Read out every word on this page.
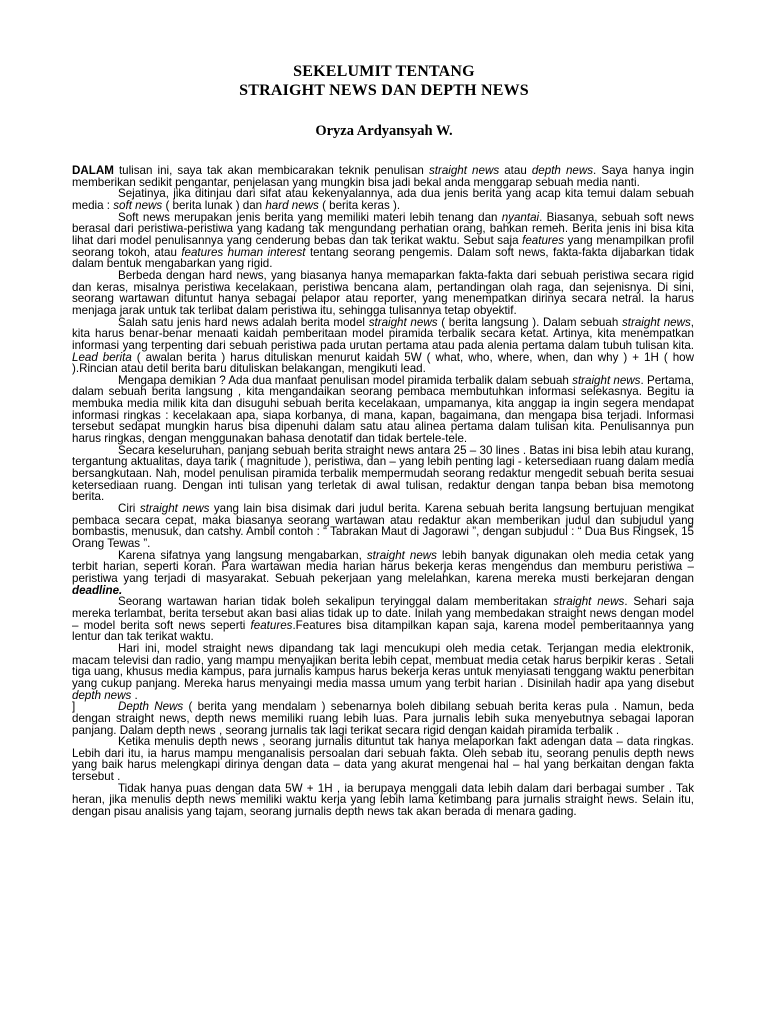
SEKELUMIT TENTANG
STRAIGHT NEWS DAN DEPTH NEWS
Oryza Ardyansyah W.

DALAM tulisan ini, saya tak akan membicarakan teknik penulisan straight news atau depth news. Saya hanya ingin memberikan sedikit pengantar, penjelasan yang mungkin bisa jadi bekal anda menggarap sebuah media nanti.

Sejatinya, jika ditinjau dari sifat atau kekenyalannya, ada dua jenis berita yang acap kita temui dalam sebuah media : soft news ( berita lunak ) dan hard news ( berita keras ).

Soft news merupakan jenis berita yang memiliki materi lebih tenang dan nyantai. Biasanya, sebuah soft news berasal dari peristiwa-peristiwa yang kadang tak mengundang perhatian orang, bahkan remeh. Berita jenis ini bisa kita lihat dari model penulisannya yang cenderung bebas dan tak terikat waktu. Sebut saja features yang menampilkan profil seorang tokoh, atau features human interest tentang seorang pengemis. Dalam soft news, fakta-fakta dijabarkan tidak dalam bentuk mengabarkan yang rigid.

Berbeda dengan hard news, yang biasanya hanya memaparkan fakta-fakta dari sebuah peristiwa secara rigid dan keras, misalnya peristiwa kecelakaan, peristiwa bencana alam, pertandingan olah raga, dan sejenisnya. Di sini, seorang wartawan dituntut hanya sebagai pelapor atau reporter, yang menempatkan dirinya secara netral. Ia harus menjaga jarak untuk tak terlibat dalam peristiwa itu, sehingga tulisannya tetap obyektif.

Salah satu jenis hard news adalah berita model straight news ( berita langsung ). Dalam sebuah straight news, kita harus benar-benar menaati kaidah pemberitaan model piramida terbalik secara ketat. Artinya, kita menempatkan informasi yang terpenting dari sebuah peristiwa pada urutan pertama atau pada alenia pertama dalam tubuh tulisan kita. Lead berita ( awalan berita ) harus dituliskan menurut kaidah 5W ( what, who, where, when, dan why ) + 1H ( how ).Rincian atau detil berita baru dituliskan belakangan, mengikuti lead.

Mengapa demikian ? Ada dua manfaat penulisan model piramida terbalik dalam sebuah straight news. Pertama, dalam sebuah berita langsung , kita mengandaikan seorang pembaca membutuhkan informasi selekasnya. Begitu ia membuka media milik kita dan disuguhi sebuah berita kecelakaan, umpamanya, kita anggap ia ingin segera mendapat informasi ringkas : kecelakaan apa, siapa korbanya, di mana, kapan, bagaimana, dan mengapa bisa terjadi. Informasi tersebut sedapat mungkin harus bisa dipenuhi dalam satu atau alinea pertama dalam tulisan kita. Penulisannya pun harus ringkas, dengan menggunakan bahasa denotatif dan tidak bertele-tele.

Secara keseluruhan, panjang sebuah berita straight news antara 25 – 30 lines . Batas ini bisa lebih atau kurang, tergantung aktualitas, daya tarik ( magnitude ), peristiwa, dan – yang lebih penting lagi - ketersediaan ruang dalam media bersangkutaan. Nah, model penulisan piramida terbalik mempermudah seorang redaktur mengedit sebuah berita sesuai ketersediaan ruang. Dengan inti tulisan yang terletak di awal tulisan, redaktur dengan tanpa beban bisa memotong berita.

Ciri straight news yang lain bisa disimak dari judul berita. Karena sebuah berita langsung bertujuan mengikat pembaca secara cepat, maka biasanya seorang wartawan atau redaktur akan memberikan judul dan subjudul yang bombastis, menusuk, dan catshy. Ambil contoh : “ Tabrakan Maut di Jagorawi ”, dengan subjudul : “ Dua Bus Ringsek, 15 Orang Tewas ”.

Karena sifatnya yang langsung mengabarkan, straight news lebih banyak digunakan oleh media cetak yang terbit harian, seperti koran. Para wartawan media harian harus bekerja keras mengendus dan memburu peristiwa – peristiwa yang terjadi di masyarakat. Sebuah pekerjaan yang melelahkan, karena mereka musti berkejaran dengan deadline.

Seorang wartawan harian tidak boleh sekalipun teryinggal dalam memberitakan straight news. Sehari saja mereka terlambat, berita tersebut akan basi alias tidak up to date. Inilah yang membedakan straight news dengan model – model berita soft news seperti features.Features bisa ditampilkan kapan saja, karena model pemberitaannya yang lentur dan tak terikat waktu.

Hari ini, model straight news dipandang tak lagi mencukupi oleh media cetak. Terjangan media elektronik, macam televisi dan radio, yang mampu menyajikan berita lebih cepat, membuat media cetak harus berpikir keras . Setali tiga uang, khusus media kampus, para jurnalis kampus harus bekerja keras untuk menyiasati tenggang waktu penerbitan yang cukup panjang. Mereka harus menyaingi media massa umum yang terbit harian . Disinilah hadir apa yang disebut depth news .

]	Depth News ( berita yang mendalam ) sebenarnya boleh dibilang sebuah berita keras pula . Namun, beda dengan straight news, depth news memiliki ruang lebih luas. Para jurnalis lebih suka menyebutnya sebagai laporan panjang. Dalam depth news , seorang jurnalis tak lagi terikat secara rigid dengan kaidah piramida terbalik .

Ketika menulis depth news , seorang jurnalis dituntut tak hanya melaporkan fakt adengan data – data ringkas. Lebih dari itu, ia harus mampu menganalisis persoalan dari sebuah fakta. Oleh sebab itu, seorang penulis depth news yang baik harus melengkapi dirinya dengan data – data yang akurat mengenai hal – hal yang berkaitan dengan fakta tersebut .

Tidak hanya puas dengan data 5W + 1H , ia berupaya menggali data lebih dalam dari berbagai sumber . Tak heran, jika menulis depth news memiliki waktu kerja yang lebih lama ketimbang para jurnalis straight news. Selain itu, dengan pisau analisis yang tajam, seorang jurnalis depth news tak akan berada di menara gading.
